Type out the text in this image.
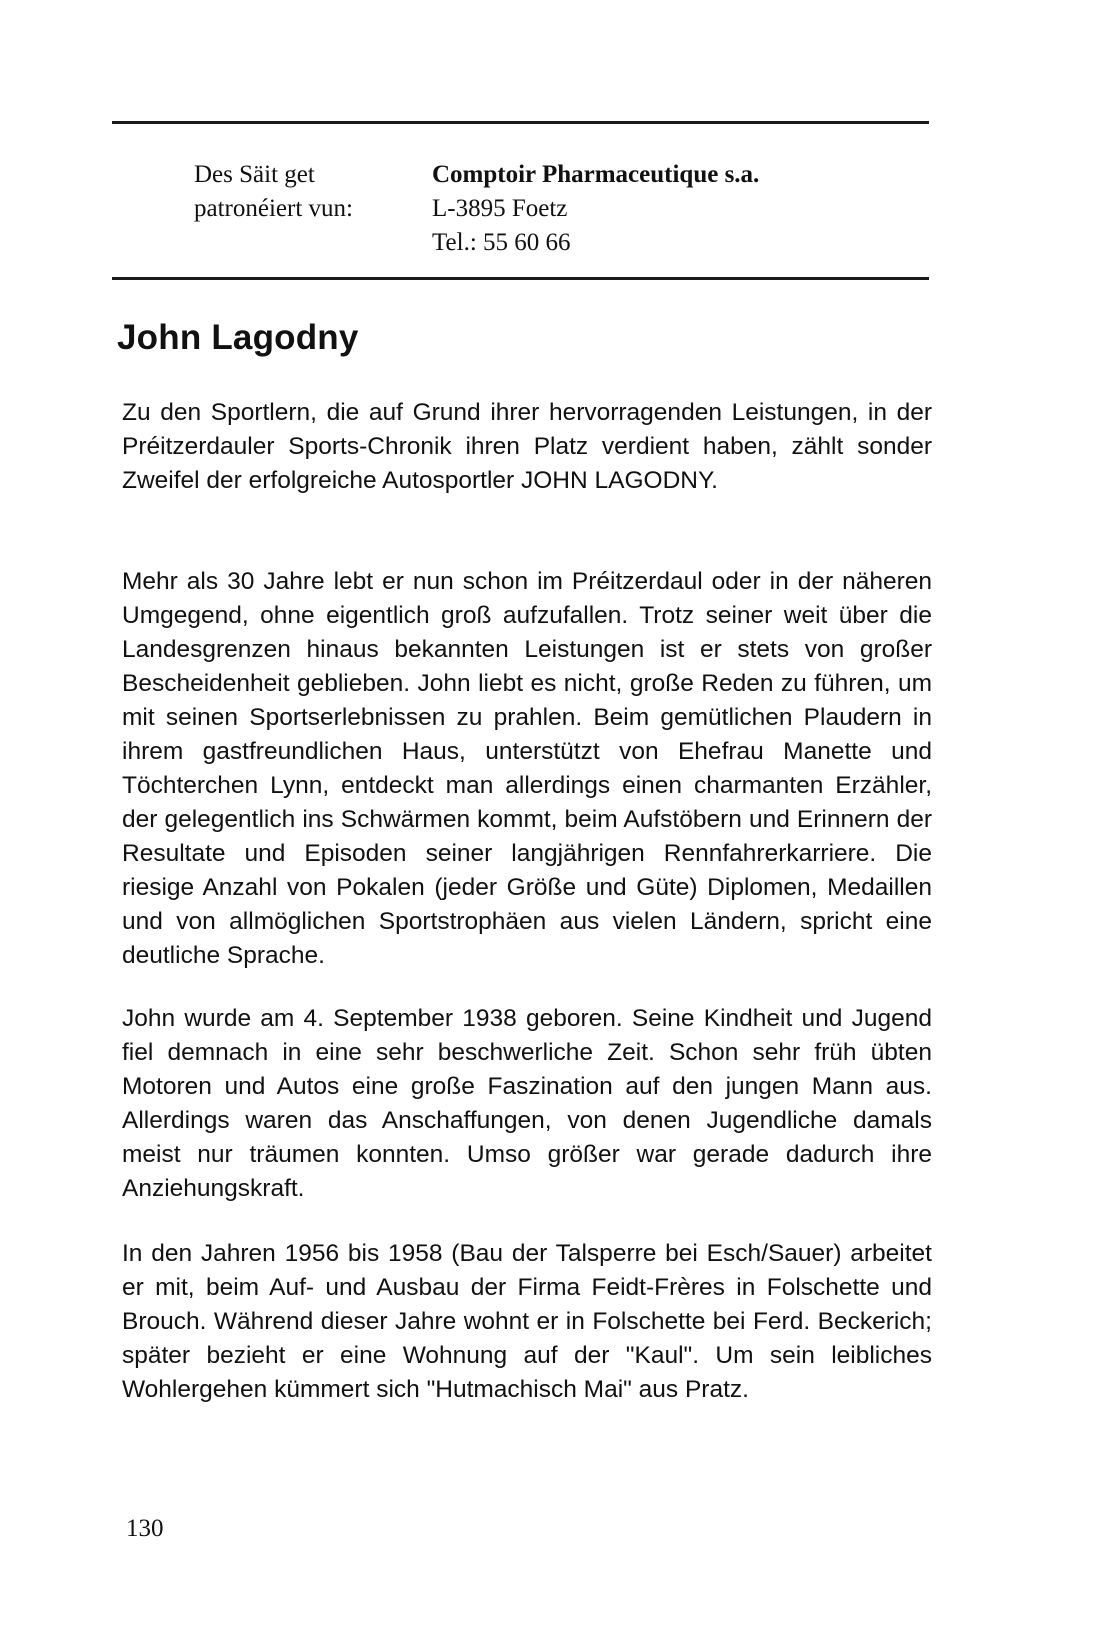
Des Säit get
patronéiert vun:
Comptoir Pharmaceutique s.a.
L-3895 Foetz
Tel.: 55 60 66
John Lagodny

Zu den Sportlern, die auf Grund ihrer hervorragenden Leistungen, in der Préitzerdauler Sports-Chronik ihren Platz verdient haben, zählt sonder Zweifel der erfolgreiche Autosportler JOHN LAGODNY.

Mehr als 30 Jahre lebt er nun schon im Préitzerdaul oder in der näheren Umgegend, ohne eigentlich groß aufzufallen. Trotz seiner weit über die Landesgrenzen hinaus bekannten Leistungen ist er stets von großer Bescheidenheit geblieben. John liebt es nicht, große Reden zu führen, um mit seinen Sportserlebnissen zu prahlen. Beim gemütlichen Plaudern in ihrem gastfreundlichen Haus, unterstützt von Ehefrau Manette und Töchterchen Lynn, entdeckt man allerdings einen charmanten Erzähler, der gelegentlich ins Schwärmen kommt, beim Aufstöbern und Erinnern der Resultate und Episoden seiner langjährigen Rennfahrerkarriere. Die riesige Anzahl von Pokalen (jeder Größe und Güte) Diplomen, Medaillen und von allmöglichen Sportstrophäen aus vielen Ländern, spricht eine deutliche Sprache.

John wurde am 4. September 1938 geboren. Seine Kindheit und Jugend fiel demnach in eine sehr beschwerliche Zeit. Schon sehr früh übten Motoren und Autos eine große Faszination auf den jungen Mann aus. Allerdings waren das Anschaffungen, von denen Jugendliche damals meist nur träumen konnten. Umso größer war gerade dadurch ihre Anziehungskraft.

In den Jahren 1956 bis 1958 (Bau der Talsperre bei Esch/Sauer) arbeitet er mit, beim Auf- und Ausbau der Firma Feidt-Frères in Folschette und Brouch. Während dieser Jahre wohnt er in Folschette bei Ferd. Beckerich; später bezieht er eine Wohnung auf der "Kaul". Um sein leibliches Wohlergehen kümmert sich "Hutmachisch Mai" aus Pratz.

130
